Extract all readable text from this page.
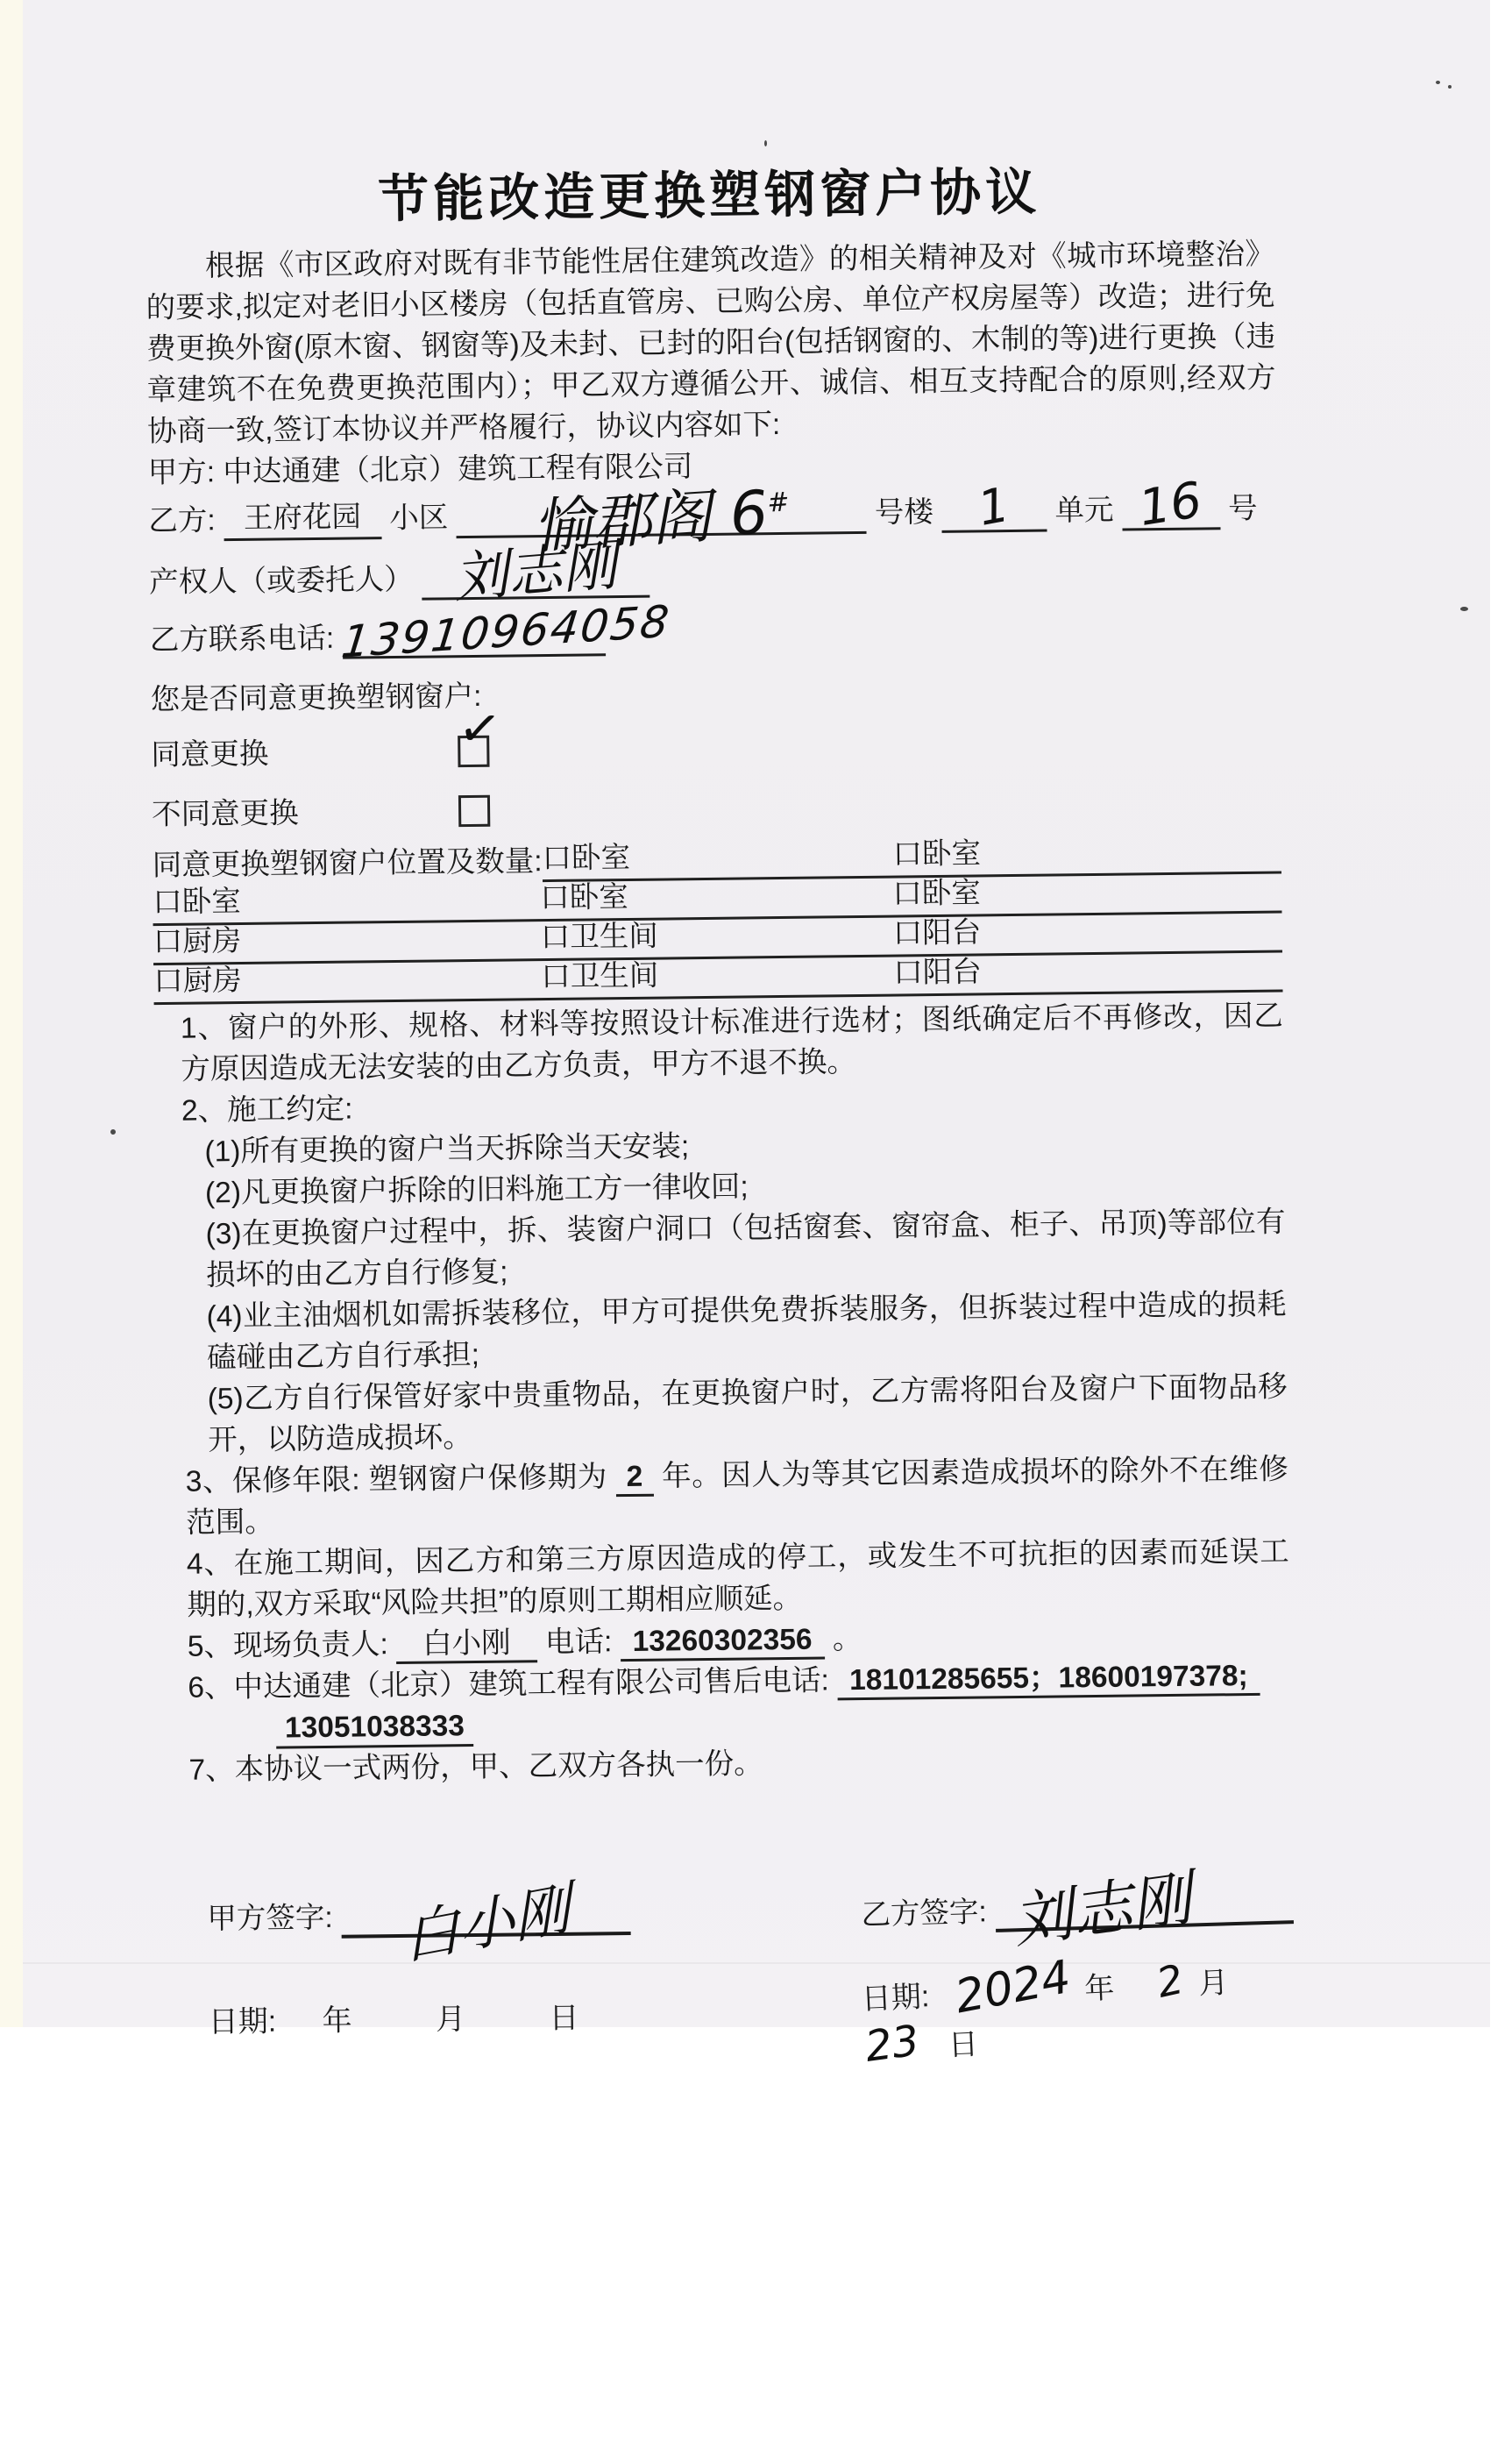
节能改造更换塑钢窗户协议

根据《市区政府对既有非节能性居住建筑改造》的相关精神及对《城市环境整治》的要求,拟定对老旧小区楼房（包括直管房、已购公房、单位产权房屋等）改造；进行免费更换外窗(原木窗、钢窗等)及未封、已封的阳台(包括钢窗的、木制的等)进行更换（违章建筑不在免费更换范围内）；甲乙双方遵循公开、诚信、相互支持配合的原则,经双方协商一致,签订本协议并严格履行，协议内容如下:

甲方: 中达通建（北京）建筑工程有限公司

乙方: 王府花园 小区 愉郡阁 6#	号楼 1 单元 16 号

产权人（或委托人） 刘志刚

乙方联系电话: 13910964058

您是否同意更换塑钢窗户:

同意更换	✓
不同意更换
同意更换塑钢窗户位置及数量: 口卧室	口卧室
口卧室	口卧室	口卧室
口厨房	口卫生间	口阳台
口厨房	口卫生间	口阳台

1、窗户的外形、规格、材料等按照设计标准进行选材；图纸确定后不再修改，因乙方原因造成无法安装的由乙方负责，甲方不退不换。

2、施工约定:

(1)所有更换的窗户当天拆除当天安装;

(2)凡更换窗户拆除的旧料施工方一律收回;

(3)在更换窗户过程中，拆、装窗户洞口（包括窗套、窗帘盒、柜子、吊顶)等部位有损坏的由乙方自行修复;

(4)业主油烟机如需拆装移位，甲方可提供免费拆装服务，但拆装过程中造成的损耗磕碰由乙方自行承担;

(5)乙方自行保管好家中贵重物品，在更换窗户时，乙方需将阳台及窗户下面物品移开，以防造成损坏。

3、保修年限: 塑钢窗户保修期为 2 年。因人为等其它因素造成损坏的除外不在维修范围。

4、在施工期间，因乙方和第三方原因造成的停工，或发生不可抗拒的因素而延误工期的,双方采取“风险共担”的原则工期相应顺延。

5、现场负责人: 白小刚 电话: 13260302356 。

6、中达通建（北京）建筑工程有限公司售后电话: 18101285655；18600197378;
13051038333

7、本协议一式两份，甲、乙双方各执一份。

甲方签字: 白小刚	乙方签字: 刘志刚
日期: 年	月	日
日期: 2024 年 2 月 23 日
